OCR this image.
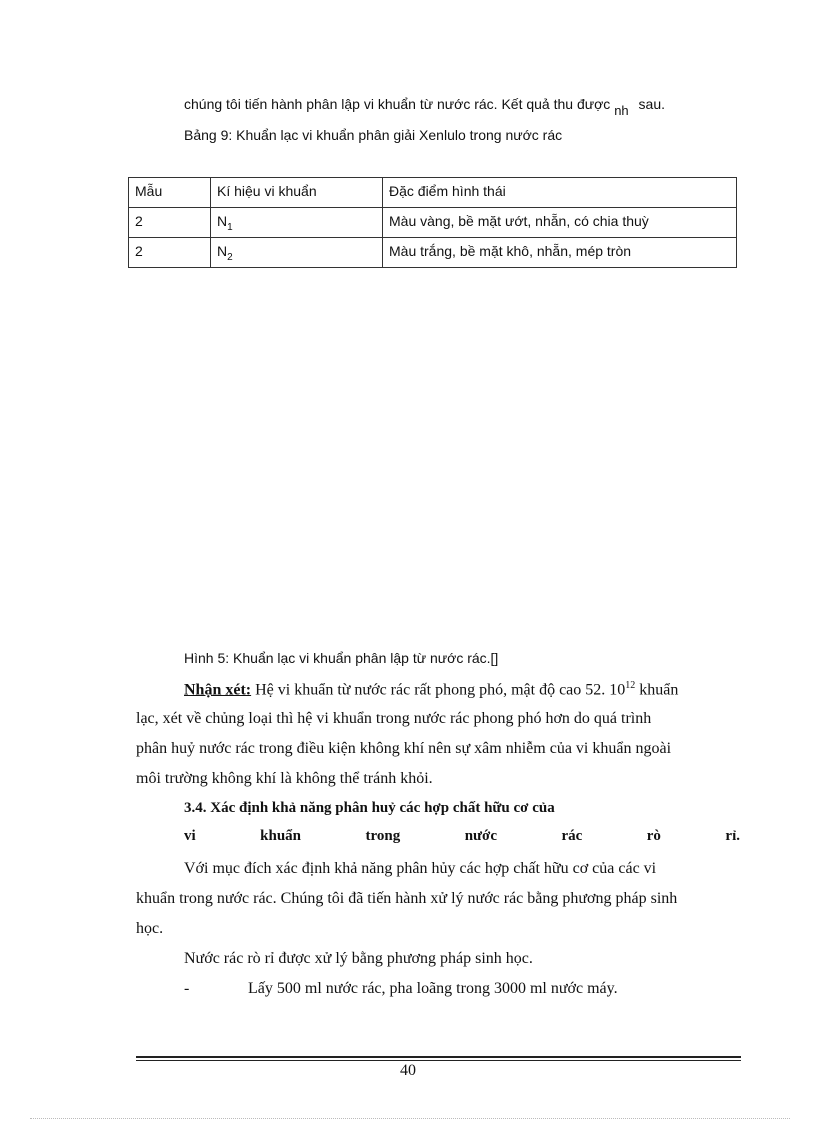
chúng tôi tiến hành phân lập vi khuẩn từ nước rác. Kết quả thu được nh sau.
Bảng 9: Khuẩn lạc vi khuẩn phân giải Xenlulo trong nước rác
Mẫu	Kí hiệu vi khuẩn	Đặc điểm hình thái
2	$N_1$	Màu vàng, bề mặt ướt, nhẵn, có chia thuỳ
2	$N_2$	Màu trắng, bề mặt khô, nhẵn, mép tròn
Hình 5: Khuẩn lạc vi khuẩn phân lập từ nước rác.[]
Nhận xét: Hệ vi khuẩn từ nước rác rất phong phó, mật độ cao 52. $10^{12}$ khuẩn
lạc, xét về chủng loại thì hệ vi khuẩn trong nước rác phong phó hơn do quá trình
phân huỷ nước rác trong điều kiện không khí nên sự xâm nhiễm của vi khuẩn ngoài
môi trường không khí là không thể tránh khỏi.
3.4. Xác định khả năng phân huỷ các hợp chất hữu cơ của
vi	khuẩn	trong	nước	rác	rò	rỉ.
Với mục đích xác định khả năng phân hủy các hợp chất hữu cơ của các vi
khuẩn trong nước rác. Chúng tôi đã tiến hành xử lý nước rác bằng phương pháp sinh
học.
Nước rác rò rỉ được xử lý bằng phương pháp sinh học.
-	Lấy 500 ml nước rác, pha loãng trong 3000 ml nước máy.
40
